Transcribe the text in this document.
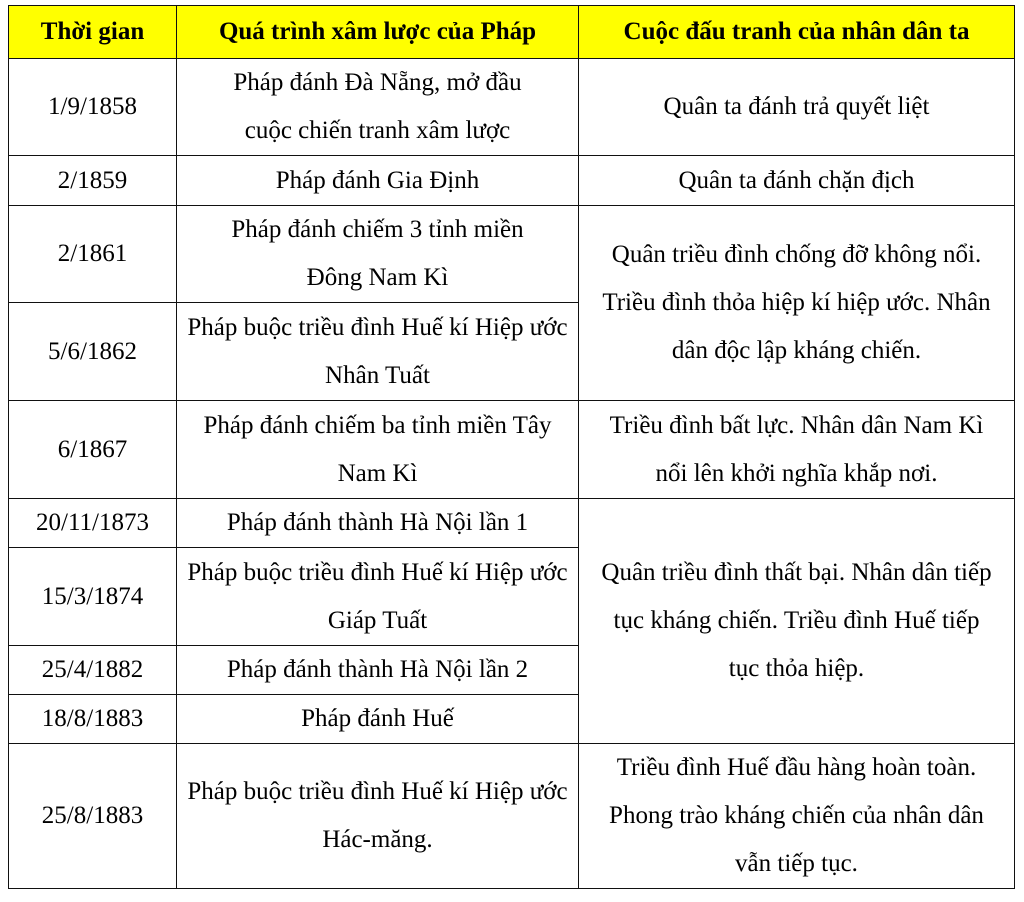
Thời gian	Quá trình xâm lược của Pháp	Cuộc đấu tranh của nhân dân ta
1/9/1858	Pháp đánh Đà Nẵng, mở đầu cuộc chiến tranh xâm lược	Quân ta đánh trả quyết liệt
2/1859	Pháp đánh Gia Định	Quân ta đánh chặn địch
2/1861	Pháp đánh chiếm 3 tỉnh miền Đông Nam Kì	Quân triều đình chống đỡ không nổi. Triều đình thỏa hiệp kí hiệp ước. Nhân dân độc lập kháng chiến.
5/6/1862	Pháp buộc triều đình Huế kí Hiệp ước Nhân Tuất	
6/1867	Pháp đánh chiếm ba tỉnh miền Tây Nam Kì	Triều đình bất lực. Nhân dân Nam Kì nổi lên khởi nghĩa khắp nơi.
20/11/1873	Pháp đánh thành Hà Nội lần 1	Quân triều đình thất bại. Nhân dân tiếp tục kháng chiến. Triều đình Huế tiếp tục thỏa hiệp.
15/3/1874	Pháp buộc triều đình Huế kí Hiệp ước Giáp Tuất	
25/4/1882	Pháp đánh thành Hà Nội lần 2	
18/8/1883	Pháp đánh Huế	
25/8/1883	Pháp buộc triều đình Huế kí Hiệp ước Hác-măng.	Triều đình Huế đầu hàng hoàn toàn. Phong trào kháng chiến của nhân dân vẫn tiếp tục.
